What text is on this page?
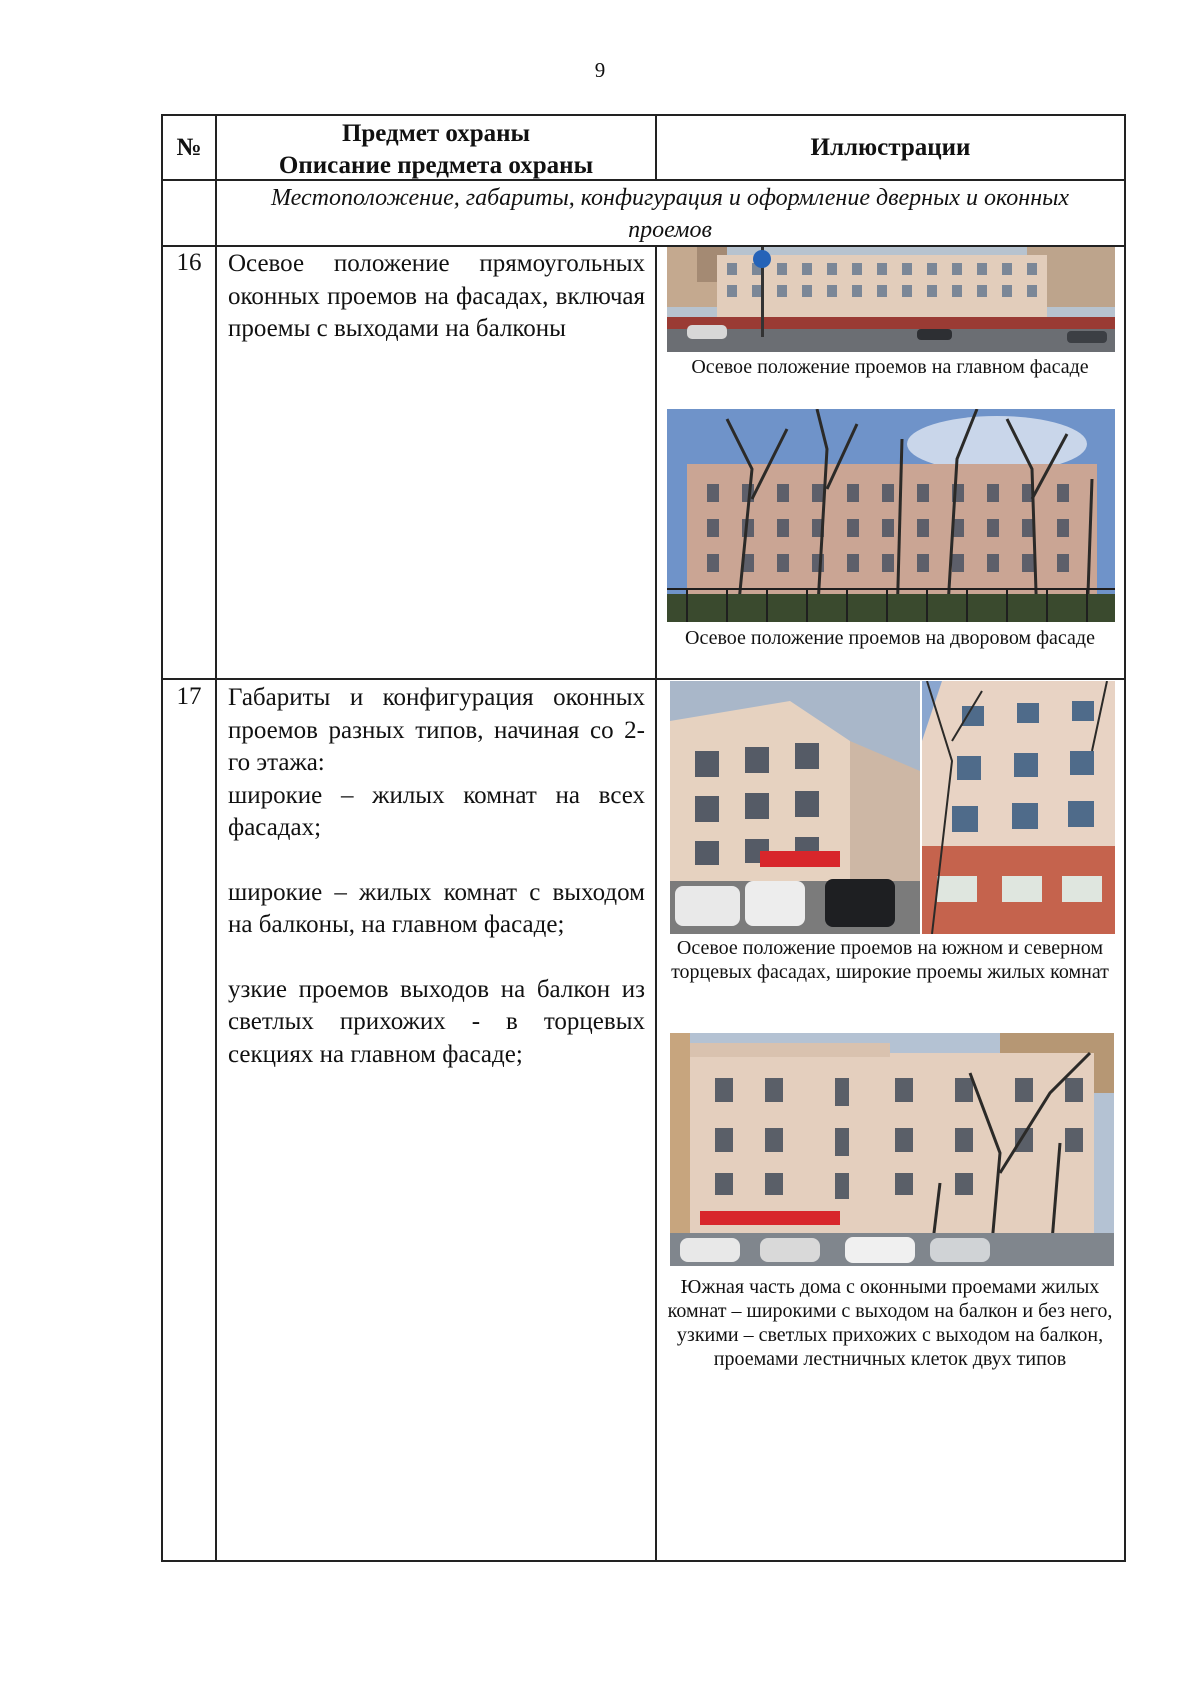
9
№
Предмет охраны
Описание предмета охраны
Иллюстрации
Местоположение, габариты, конфигурация и оформление дверных и оконных проемов
16	Осевое положение прямоугольных оконных проемов на фасадах, включая проемы с выходами на балконы
Осевое положение проемов на главном фасаде
Осевое положение проемов на дворовом фасаде
17	Габариты и конфигурация оконных проемов разных типов, начиная со 2-го этажа:

широкие – жилых комнат на всех фасадах;

широкие – жилых комнат с выходом на балконы, на главном фасаде;

узкие проемов выходов на балкон из светлых прихожих - в торцевых секциях на главном фасаде;

Осевое положение проемов на южном и северном торцевых фасадах, широкие проемы жилых комнат
Южная часть дома с оконными проемами жилых комнат – широкими с выходом на балкон и без него, узкими – светлых прихожих с выходом на балкон, проемами лестничных клеток двух типов
